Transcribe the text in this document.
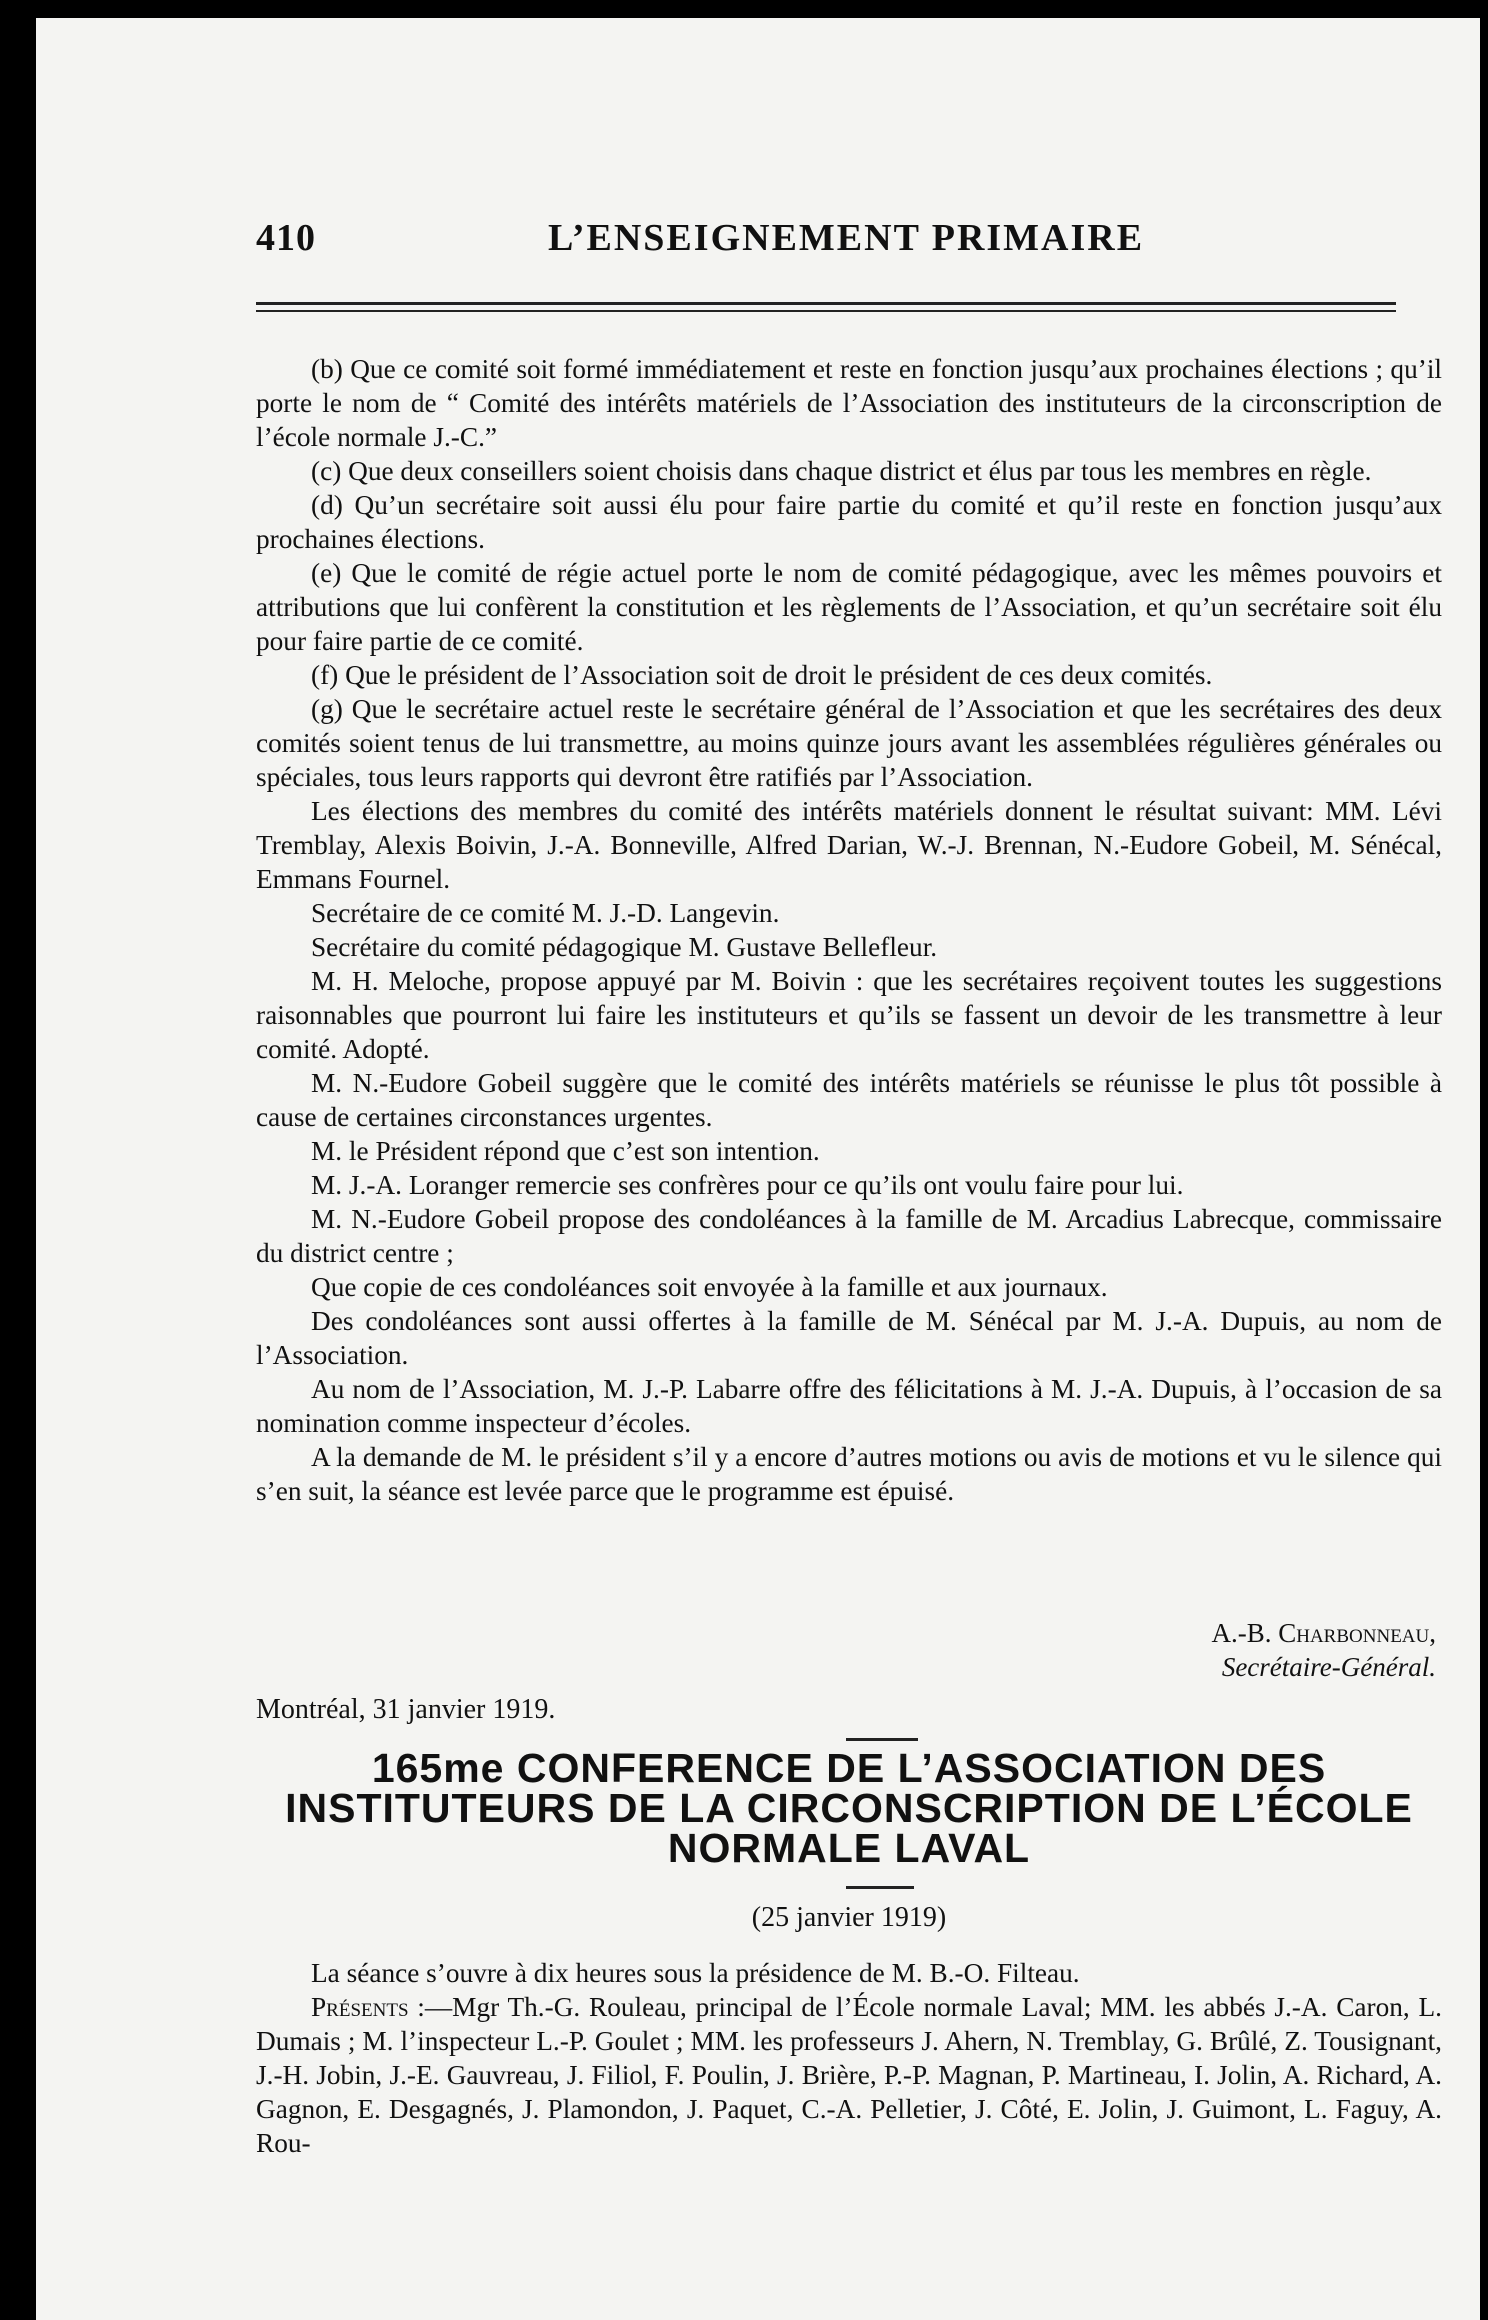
410	L’ENSEIGNEMENT PRIMAIRE

(b) Que ce comité soit formé immédiatement et reste en fonction jusqu’aux prochaines élections ; qu’il porte le nom de “ Comité des intérêts matériels de l’Association des instituteurs de la circonscription de l’école normale J.-C.”

(c) Que deux conseillers soient choisis dans chaque district et élus par tous les membres en règle.

(d) Qu’un secrétaire soit aussi élu pour faire partie du comité et qu’il reste en fonction jusqu’aux prochaines élections.

(e) Que le comité de régie actuel porte le nom de comité pédagogique, avec les mêmes pouvoirs et attributions que lui confèrent la constitution et les règlements de l’Association, et qu’un secrétaire soit élu pour faire partie de ce comité.

(f) Que le président de l’Association soit de droit le président de ces deux comités.

(g) Que le secrétaire actuel reste le secrétaire général de l’Association et que les secrétaires des deux comités soient tenus de lui transmettre, au moins quinze jours avant les assemblées régulières générales ou spéciales, tous leurs rapports qui devront être ratifiés par l’Association.

Les élections des membres du comité des intérêts matériels donnent le résultat suivant: MM. Lévi Tremblay, Alexis Boivin, J.-A. Bonneville, Alfred Darian, W.-J. Brennan, N.-Eudore Gobeil, M. Sénécal, Emmans Fournel.

Secrétaire de ce comité M. J.-D. Langevin.

Secrétaire du comité pédagogique M. Gustave Bellefleur.

M. H. Meloche, propose appuyé par M. Boivin : que les secrétaires reçoivent toutes les suggestions raisonnables que pourront lui faire les instituteurs et qu’ils se fassent un devoir de les transmettre à leur comité. Adopté.

M. N.-Eudore Gobeil suggère que le comité des intérêts matériels se réunisse le plus tôt possible à cause de certaines circonstances urgentes.

M. le Président répond que c’est son intention.

M. J.-A. Loranger remercie ses confrères pour ce qu’ils ont voulu faire pour lui.

M. N.-Eudore Gobeil propose des condoléances à la famille de M. Arcadius Labrecque, commissaire du district centre ;

Que copie de ces condoléances soit envoyée à la famille et aux journaux.

Des condoléances sont aussi offertes à la famille de M. Sénécal par M. J.-A. Dupuis, au nom de l’Association.

Au nom de l’Association, M. J.-P. Labarre offre des félicitations à M. J.-A. Dupuis, à l’occasion de sa nomination comme inspecteur d’écoles.

A la demande de M. le président s’il y a encore d’autres motions ou avis de motions et vu le silence qui s’en suit, la séance est levée parce que le programme est épuisé.

A.-B. Charbonneau,
Secrétaire-Général.
Montréal, 31 janvier 1919.
165me CONFERENCE DE L’ASSOCIATION DES INSTITUTEURS DE LA CIRCONSCRIPTION DE L’ÉCOLE NORMALE LAVAL
(25 janvier 1919)

La séance s’ouvre à dix heures sous la présidence de M. B.-O. Filteau.

Présents :—Mgr Th.-G. Rouleau, principal de l’École normale Laval; MM. les abbés J.-A. Caron, L. Dumais ; M. l’inspecteur L.-P. Goulet ; MM. les professeurs J. Ahern, N. Tremblay, G. Brûlé, Z. Tousignant, J.-H. Jobin, J.-E. Gauvreau, J. Filiol, F. Poulin, J. Brière, P.-P. Magnan, P. Martineau, I. Jolin, A. Richard, A. Gagnon, E. Desgagnés, J. Plamondon, J. Paquet, C.-A. Pelletier, J. Côté, E. Jolin, J. Guimont, L. Faguy, A. Rou-
